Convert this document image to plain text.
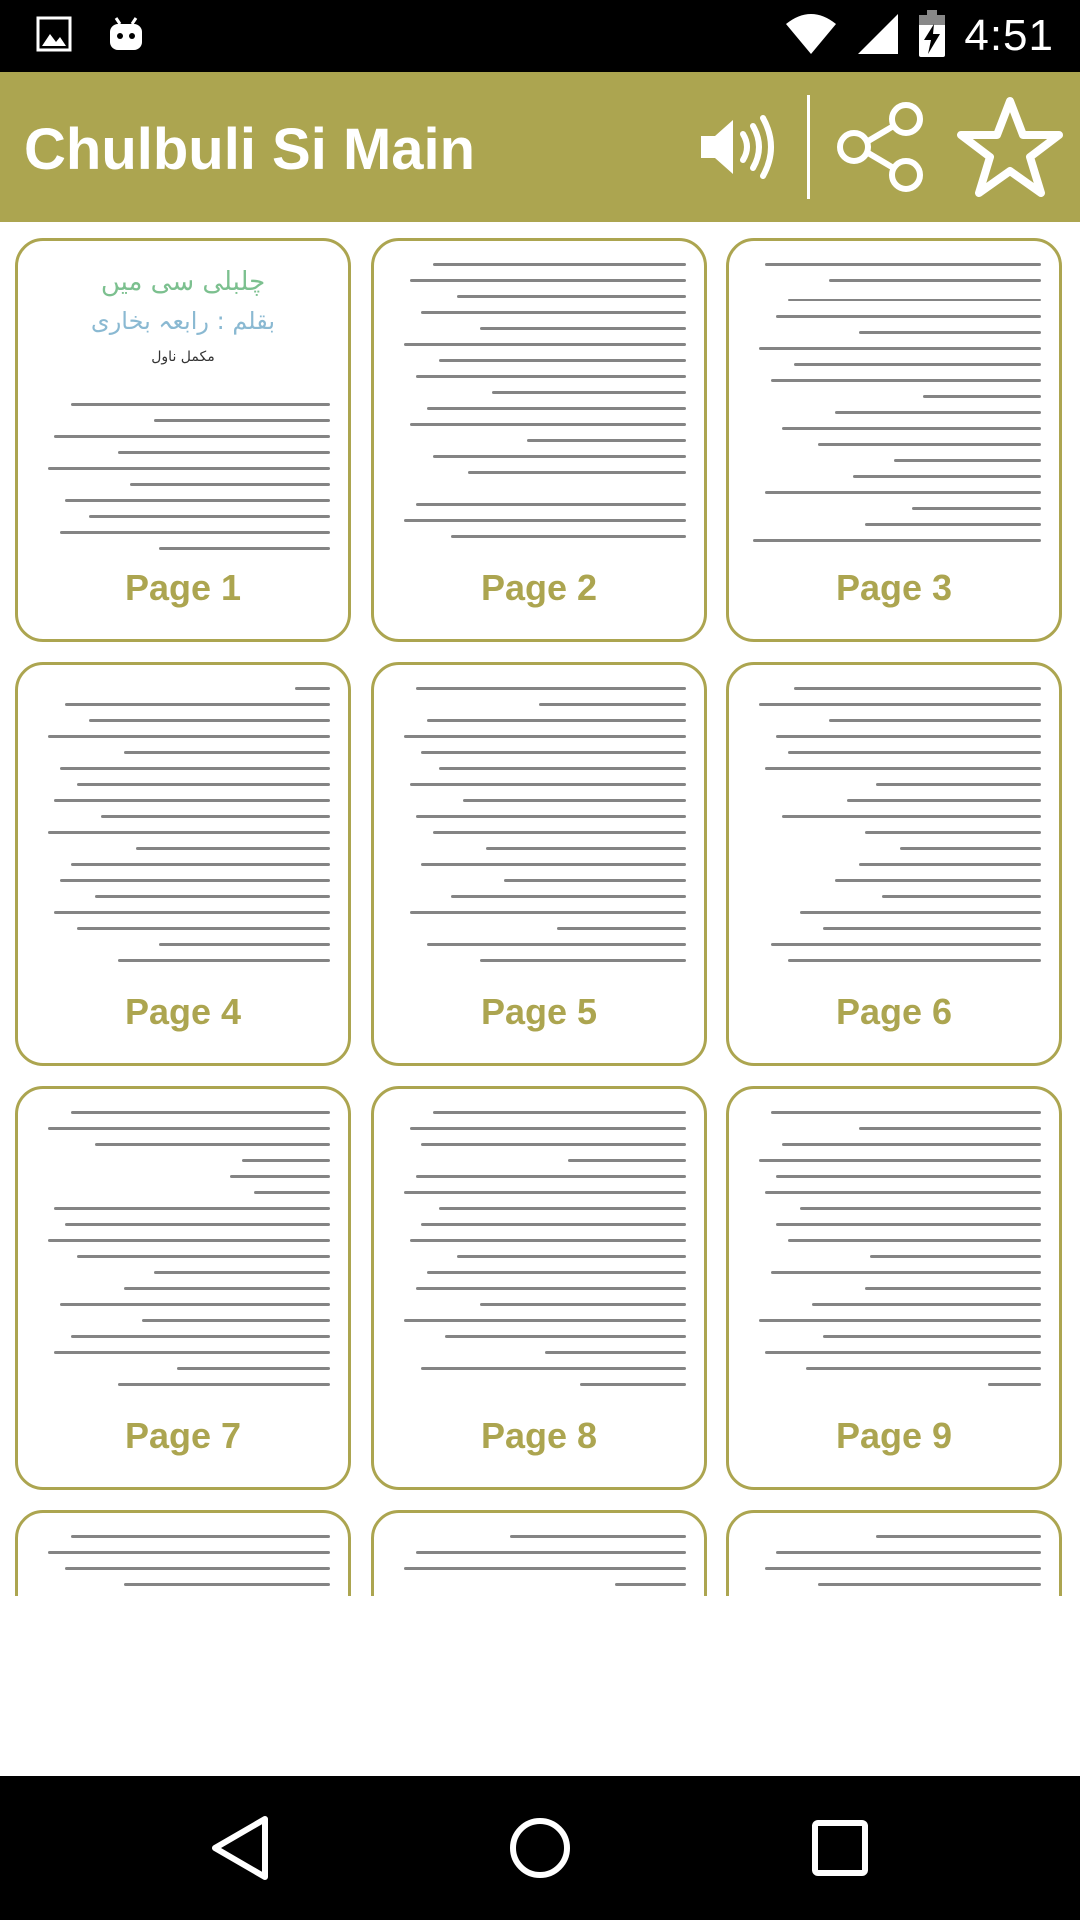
4:51
Chulbuli Si Main
چلبلی سی میں
بقلم : رابعہ بخاری
مکمل ناول
Page 1	Page 2	Page 3
Page 4	Page 5	Page 6
Page 7	Page 8	Page 9
